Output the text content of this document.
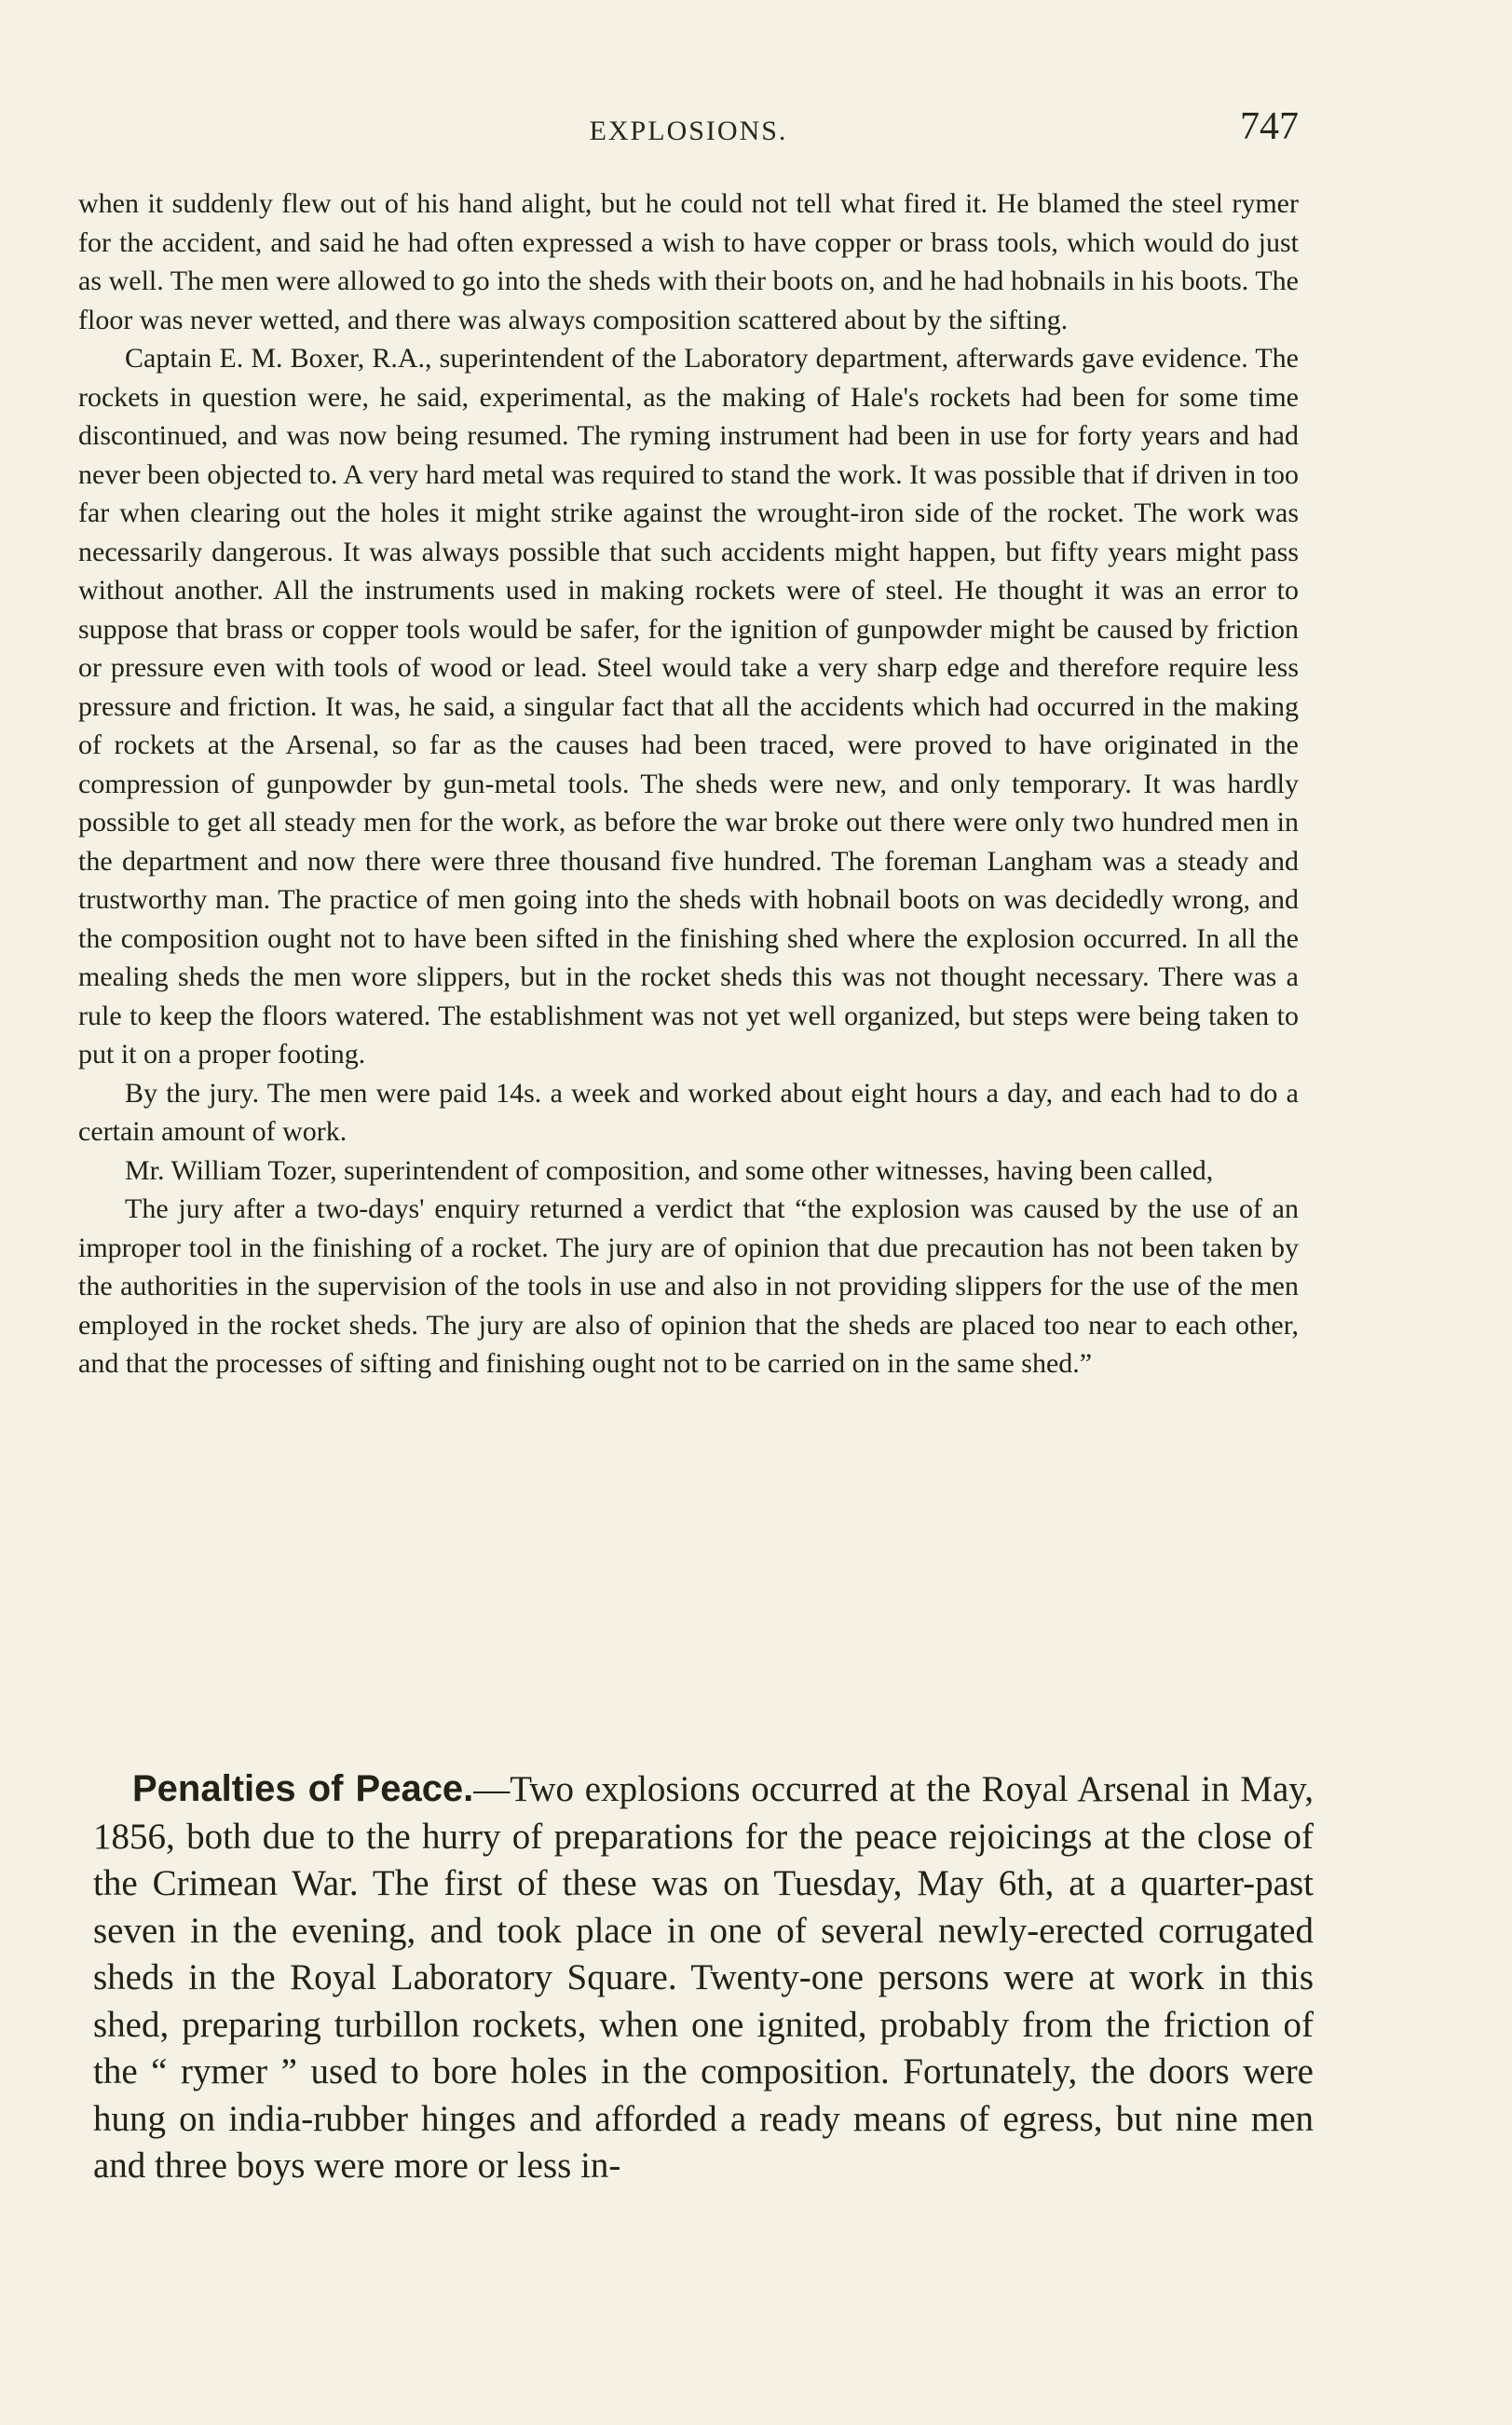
EXPLOSIONS.	747

when it suddenly flew out of his hand alight, but he could not tell what fired it. He blamed the steel rymer for the accident, and said he had often expressed a wish to have copper or brass tools, which would do just as well. The men were allowed to go into the sheds with their boots on, and he had hobnails in his boots. The floor was never wetted, and there was always composition scattered about by the sifting.

Captain E. M. Boxer, R.A., superintendent of the Laboratory department, afterwards gave evidence. The rockets in question were, he said, experimental, as the making of Hale's rockets had been for some time discontinued, and was now being resumed. The ryming instrument had been in use for forty years and had never been objected to. A very hard metal was required to stand the work. It was possible that if driven in too far when clearing out the holes it might strike against the wrought-iron side of the rocket. The work was necessarily dangerous. It was always possible that such accidents might happen, but fifty years might pass without another. All the instruments used in making rockets were of steel. He thought it was an error to suppose that brass or copper tools would be safer, for the ignition of gunpowder might be caused by friction or pressure even with tools of wood or lead. Steel would take a very sharp edge and therefore require less pressure and friction. It was, he said, a singular fact that all the accidents which had occurred in the making of rockets at the Arsenal, so far as the causes had been traced, were proved to have originated in the compression of gunpowder by gun-metal tools. The sheds were new, and only temporary. It was hardly possible to get all steady men for the work, as before the war broke out there were only two hundred men in the department and now there were three thousand five hundred. The foreman Langham was a steady and trustworthy man. The practice of men going into the sheds with hobnail boots on was decidedly wrong, and the composition ought not to have been sifted in the finishing shed where the explosion occurred. In all the mealing sheds the men wore slippers, but in the rocket sheds this was not thought necessary. There was a rule to keep the floors watered. The establishment was not yet well organized, but steps were being taken to put it on a proper footing.

By the jury. The men were paid 14s. a week and worked about eight hours a day, and each had to do a certain amount of work.

Mr. William Tozer, superintendent of composition, and some other witnesses, having been called,

The jury after a two-days' enquiry returned a verdict that “the explosion was caused by the use of an improper tool in the finishing of a rocket. The jury are of opinion that due precaution has not been taken by the authorities in the supervision of the tools in use and also in not providing slippers for the use of the men employed in the rocket sheds. The jury are also of opinion that the sheds are placed too near to each other, and that the processes of sifting and finishing ought not to be carried on in the same shed.”

Penalties of Peace.—Two explosions occurred at the Royal Arsenal in May, 1856, both due to the hurry of preparations for the peace rejoicings at the close of the Crimean War. The first of these was on Tuesday, May 6th, at a quarter-past seven in the evening, and took place in one of several newly-erected corrugated sheds in the Royal Laboratory Square. Twenty-one persons were at work in this shed, preparing turbillon rockets, when one ignited, probably from the friction of the “ rymer ” used to bore holes in the composition. Fortunately, the doors were hung on india-rubber hinges and afforded a ready means of egress, but nine men and three boys were more or less in-
